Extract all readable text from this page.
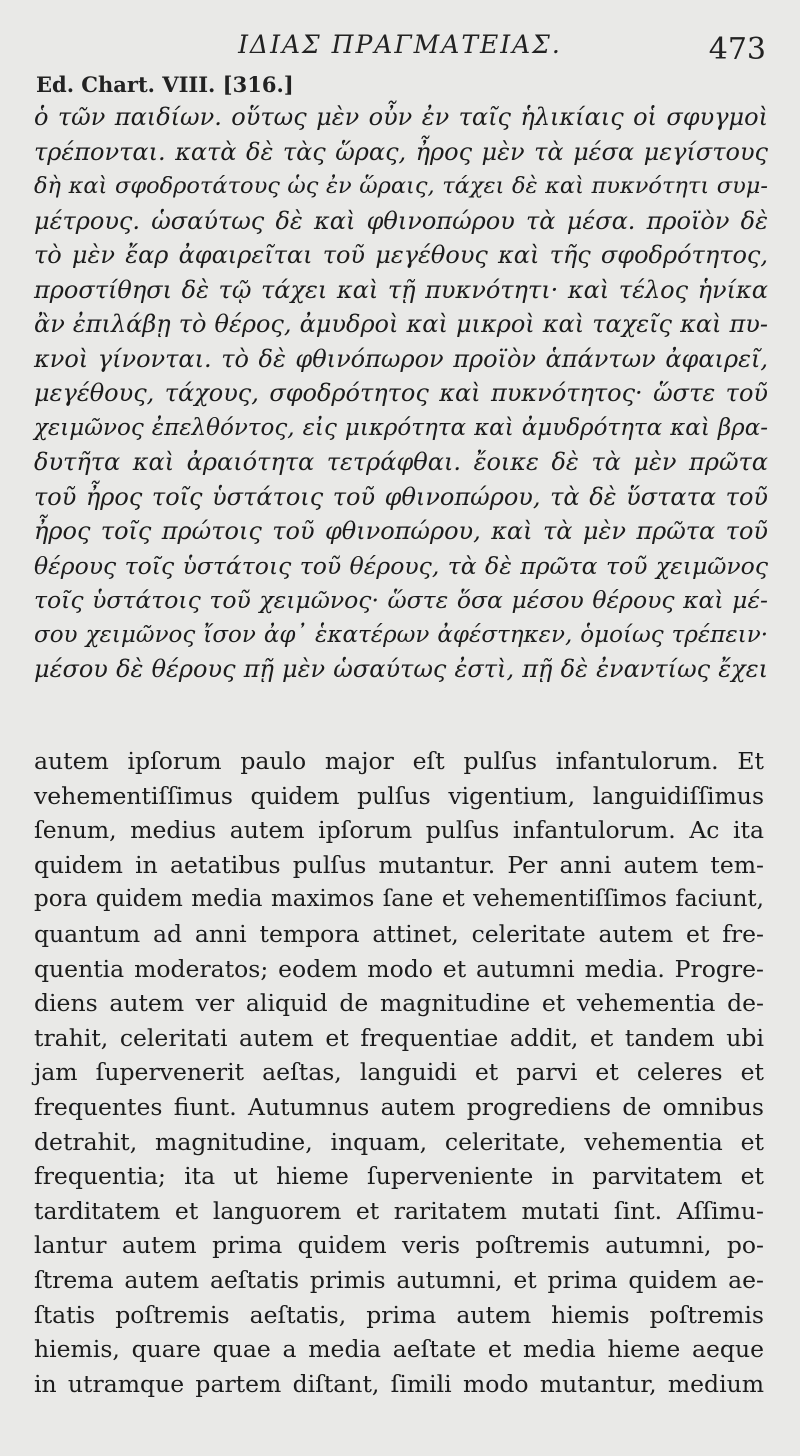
ΙΔΙΑΣ ΠΡΑΓΜΑΤΕΙΑΣ.	473
Ed. Chart. VIII. [316.]
ὁ τῶν παιδίων. οὕτως μὲν οὖν ἐν ταῖς ἡλικίαις οἱ σφυγμοὶ
τρέπονται. κατὰ δὲ τὰς ὥρας, ἦρος μὲν τὰ μέσα μεγίστους
δὴ καὶ σφοδροτάτους ὡς ἐν ὥραις, τάχει δὲ καὶ πυκνότητι συμ-
μέτρους. ὡσαύτως δὲ καὶ φθινοπώρου τὰ μέσα. προϊὸν δὲ
τὸ μὲν ἔαρ ἀφαιρεῖται τοῦ μεγέθους καὶ τῆς σφοδρότητος,
προστίθησι δὲ τῷ τάχει καὶ τῇ πυκνότητι· καὶ τέλος ἡνίκα
ἂν ἐπιλάβῃ τὸ θέρος, ἀμυδροὶ καὶ μικροὶ καὶ ταχεῖς καὶ πυ-
κνοὶ γίνονται. τὸ δὲ φθινόπωρον προϊὸν ἁπάντων ἀφαιρεῖ,
μεγέθους, τάχους, σφοδρότητος καὶ πυκνότητος· ὥστε τοῦ
χειμῶνος ἐπελθόντος, εἰς μικρότητα καὶ ἀμυδρότητα καὶ βρα-
δυτῆτα καὶ ἀραιότητα τετράφθαι. ἔοικε δὲ τὰ μὲν πρῶτα
τοῦ ἦρος τοῖς ὑστάτοις τοῦ φθινοπώρου, τὰ δὲ ὕστατα τοῦ
ἦρος τοῖς πρώτοις τοῦ φθινοπώρου, καὶ τὰ μὲν πρῶτα τοῦ
θέρους τοῖς ὑστάτοις τοῦ θέρους, τὰ δὲ πρῶτα τοῦ χειμῶνος
τοῖς ὑστάτοις τοῦ χειμῶνος· ὥστε ὅσα μέσου θέρους καὶ μέ-
σου χειμῶνος ἴσον ἀφ᾽ ἑκατέρων ἀφέστηκεν, ὁμοίως τρέπειν·
μέσου δὲ θέρους πῇ μὲν ὡσαύτως ἐστὶ, πῇ δὲ ἐναντίως ἔχει
autem ipſorum paulo major eſt pulſus infantulorum. Et
vehementiſſimus quidem pulſus vigentium, languidiſſimus
ſenum, medius autem ipſorum pulſus infantulorum. Ac ita
quidem in aetatibus pulſus mutantur. Per anni autem tem-
pora quidem media maximos ſane et vehementiſſimos faciunt,
quantum ad anni tempora attinet, celeritate autem et fre-
quentia moderatos; eodem modo et autumni media. Progre-
diens autem ver aliquid de magnitudine et vehementia de-
trahit, celeritati autem et frequentiae addit, et tandem ubi
jam ſupervenerit aeſtas, languidi et parvi et celeres et
frequentes fiunt. Autumnus autem progrediens de omnibus
detrahit, magnitudine, inquam, celeritate, vehementia et
frequentia; ita ut hieme ſuperveniente in parvitatem et
tarditatem et languorem et raritatem mutati ſint. Aſſimu-
lantur autem prima quidem veris poſtremis autumni, po-
ſtrema autem aeſtatis primis autumni, et prima quidem ae-
ſtatis poſtremis aeſtatis, prima autem hiemis poſtremis
hiemis, quare quae a media aeſtate et media hieme aeque
in utramque partem diſtant, ſimili modo mutantur, medium
